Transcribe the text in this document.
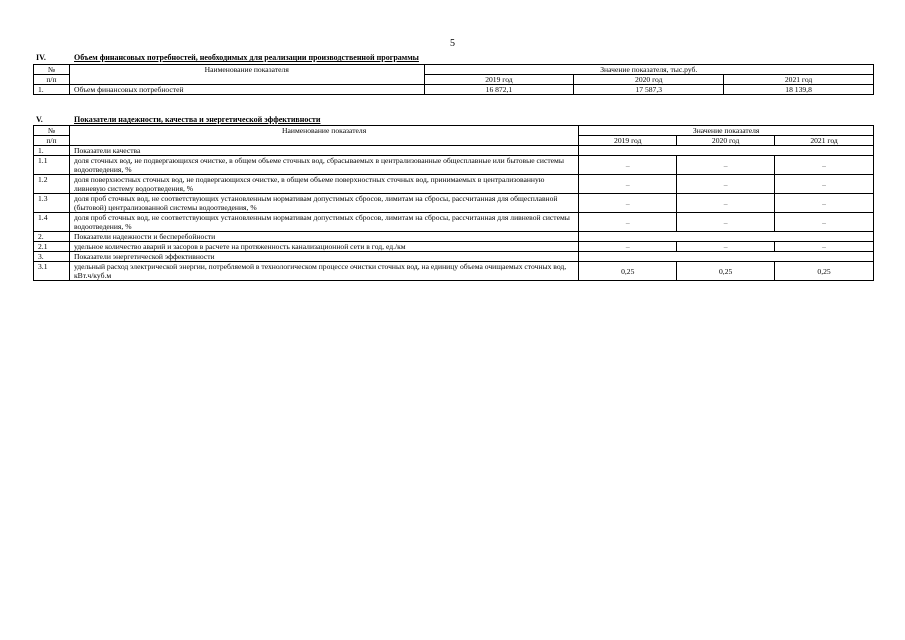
5
IV.	Объем финансовых потребностей, необходимых для реализации производственной программы
№	Наименование показателя	Значение показателя, тыс.руб.		
п/п		2019 год	2020 год	2021 год
1.	Объем финансовых потребностей	16 872,1	17 587,3	18 139,8
V.	Показатели надежности, качества и энергетической эффективности
№	Наименование показателя	Значение показателя		
п/п		2019 год	2020 год	2021 год
1.	Показатели качества			
1.1	доля сточных вод, не подвергающихся очистке, в общем объеме сточных вод, сбрасываемых в централизованные общесплавные или бытовые системы водоотведения, %	–	–	–
1.2	доля поверхностных сточных вод, не подвергающихся очистке, в общем объеме поверхностных сточных вод, принимаемых в централизованную ливневую систему водоотведения, %	–	–	–
1.3	доля проб сточных вод, не соответствующих установленным нормативам допустимых сбросов, лимитам на сбросы, рассчитанная для общесплавной (бытовой) централизованной системы водоотведения, %	–	–	–
1.4	доля проб сточных вод, не соответствующих установленным нормативам допустимых сбросов, лимитам на сбросы, рассчитанная для ливневой системы водоотведения, %	–	–	–
2.	Показатели надежности и бесперебойности			
2.1	удельное количество аварий и засоров в расчете на протяженность канализационной сети в год, ед./км	–	–	–
3.	Показатели энергетической эффективности			
3.1	удельный расход электрической энергии, потребляемой в технологическом процессе очистки сточных вод, на единицу объема очищаемых сточных вод, кВт.ч/куб.м	0,25	0,25	0,25
